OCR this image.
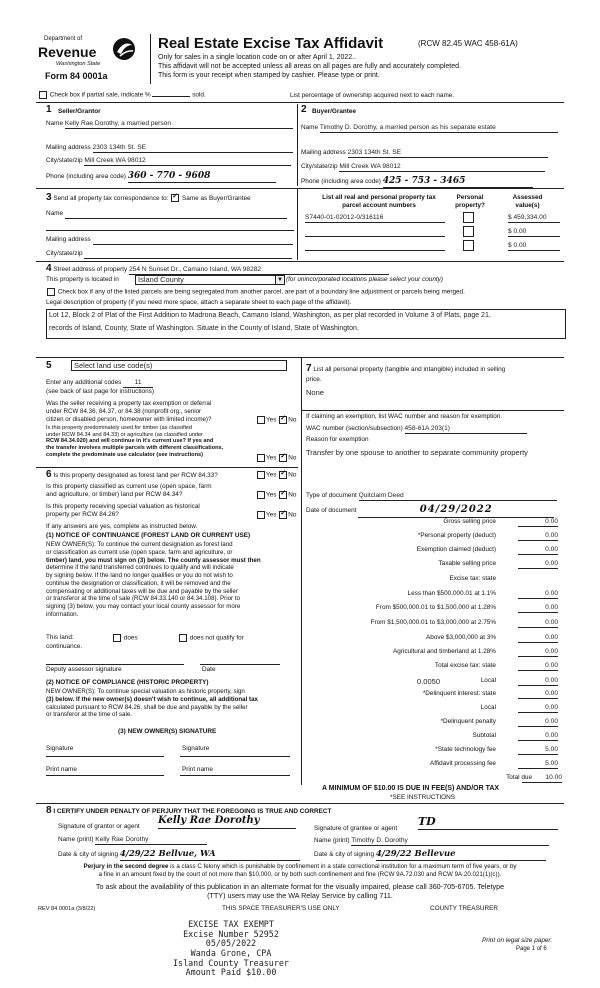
Department of
Revenue
Washington State
Form 84 0001a
Real Estate Excise Tax Affidavit	(RCW 82.45 WAC 458-61A)
Only for sales in a single location code on or after April 1, 2022..
This affidavit will not be accepted unless all areas on all pages are fully and accurately completed.
This form is your receipt when stamped by cashier. Please type or print.
Check box if partial sale, indicate %	sold.	List percentage of ownership acquired next to each name.
1 Seller/Grantor
Name Kelly Rae Dorothy, a married person
Mailing address 2303 134th St. SE
City/state/zip Mill Creek WA 98012
Phone (including area code) 360 - 770 - 9608
2 Buyer/Grantee
Name Timothy D. Dorothy, a married person as his separate estate
Mailing address 2303 134th St. SE
City/state/zip Mill Creek WA 98012
Phone (including area code) 425 - 753 - 3465
3 Send all property tax correspondence to: ✓ Same as Buyer/Grantee
Name
Mailing address
City/state/zip
List all real and personal property tax
parcel account numbers
Personal
property?
Assessed
value(s)
S7440-01-02012-0/316116	$ 459,334.00
$ 0.00
$ 0.00
4 Street address of property 254 N Sunset Dr., Camano Island, WA 98282
This property is located in	Island County	▼ (for unincorporated locations please select your county)
Check box if any of the listed parcels are being segregated from another parcel, are part of a boundary line adjustment or parcels being merged.
Legal description of property (if you need more space, attach a separate sheet to each page of the affidavit).
Lot 12, Block 2 of Plat of the First Addition to Madrona Beach, Camano Island, Washington, as per plat recorded in Volume 3 of Plats, page 21,
records of Island, County, State of Washington. Situate in the County of Island, State of Washington.
5	Select land use code(s)
Enter any additional codes 11
(see back of last page for instructions)
Was the seller receiving a property tax exemption or deferral
under RCW 84.36, 84.37, or 84.38 (nonprofit org., senior
citizen or disabled person, homeowner with limited income)?	Yes ✓ No
Is this property predominately used for timber (as classified
under RCW 84.34 and 84.33) or agriculture (as classified under
RCW 84.34.020) and will continue in it's current use? If yes and
the transfer involves multiple parcels with different classifications,
complete the predominate use calculator (see instructions)	Yes ✓ No
6 Is this property designated as forest land per RCW 84.33?	Yes ✓ No
Is this property classified as current use (open space, farm
and agriculture, or timber) land per RCW 84.34?	Yes ✓ No
Is this property receiving special valuation as historical
property per RCW 84.26?	Yes ✓ No
If any answers are yes, complete as instructed below.
(1) NOTICE OF CONTINUANCE (FOREST LAND OR CURRENT USE)
NEW OWNER(S): To continue the current designation as forest land
or classification as current use (open space, farm and agriculture, or
timber) land, you must sign on (3) below. The county assessor must then
determine if the land transferred continues to qualify and will indicate
by signing below. If the land no longer qualifies or you do not wish to
continue the designation or classification, it will be removed and the
compensating or additional taxes will be due and payable by the seller
or transferor at the time of sale (RCW 84.33.140 or 84.34.108). Prior to
signing (3) below, you may contact your local county assessor for more
information.
This land:	does	does not qualify for
continuance.
Deputy assessor signature	Date
(2) NOTICE OF COMPLIANCE (HISTORIC PROPERTY)
NEW OWNER(S): To continue special valuation as historic property, sign
(3) below. If the new owner(s) doesn't wish to continue, all additional tax
calculated pursuant to RCW 84.26, shall be due and payable by the seller
or transferor at the time of sale.
(3) NEW OWNER(S) SIGNATURE
Signature	Signature
Print name	Print name
7 List all personal property (tangible and intangible) included in selling
price.
None
If claiming an exemption, list WAC number and reason for exemption.
WAC number (section/subsection) 458-61A 203(1)
Reason for exemption
Transfer by one spouse to another to separate community property
Type of document Quitclaim Deed
Date of document	04/29/2022
Gross selling price	0.00
*Personal property (deduct)	0.00
Exemption claimed (deduct)	0.00
Taxable selling price	0.00
Excise tax: state
Less than $500,000.01 at 1.1%	0.00
From $500,000.01 to $1,500,000 at 1.28%	0.00
From $1,500,000.01 to $3,000,000 at 2.75%	0.00
Above $3,000,000 at 3%	0.00
Agricultural and timberland at 1.28%	0.00
Total excise tax: state	0.00
0.0050	Local	0.00
*Delinquent interest: state	0.00
Local	0.00
*Delinquent penalty	0.00
Subtotal	0.00
*State technology fee	5.00
Affidavit processing fee	5.00
Total due	10.00
A MINIMUM OF $10.00 IS DUE IN FEE(S) AND/OR TAX
*SEE INSTRUCTIONS
8 I CERTIFY UNDER PENALTY OF PERJURY THAT THE FOREGOING IS TRUE AND CORRECT
Signature of grantor or agent
Kelly Rae Dorothy
Name (print) Kelly Rae Dorothy
Date & city of signing 4/29/22 Bellvue, WA
Signature of grantee or agent
TD
Name (print) Timothy D. Dorothy
Date & city of signing 4/29/22 Bellevue
Perjury in the second degree is a class C felony which is punishable by confinement in a state correctional institution for a maximum term of five years, or by
a fine in an amount fixed by the court of not more than $10,000, or by both such confinement and fine (RCW 9A.72.030 and RCW 9A.20.021(1)(c)).
To ask about the availability of this publication in an alternate format for the visually impaired, please call 360-705-6705. Teletype
(TTY) users may use the WA Relay Service by calling 711.
REV 84 0001a (3/8/22)	THIS SPACE TREASURER'S USE ONLY	COUNTY TREASURER
EXCISE TAX EXEMPT
Excise Number 52952
05/05/2022
Wanda Grone, CPA
Island County Treasurer
Amount Paid $10.00
Print on legal size paper.
Page 1 of 6
